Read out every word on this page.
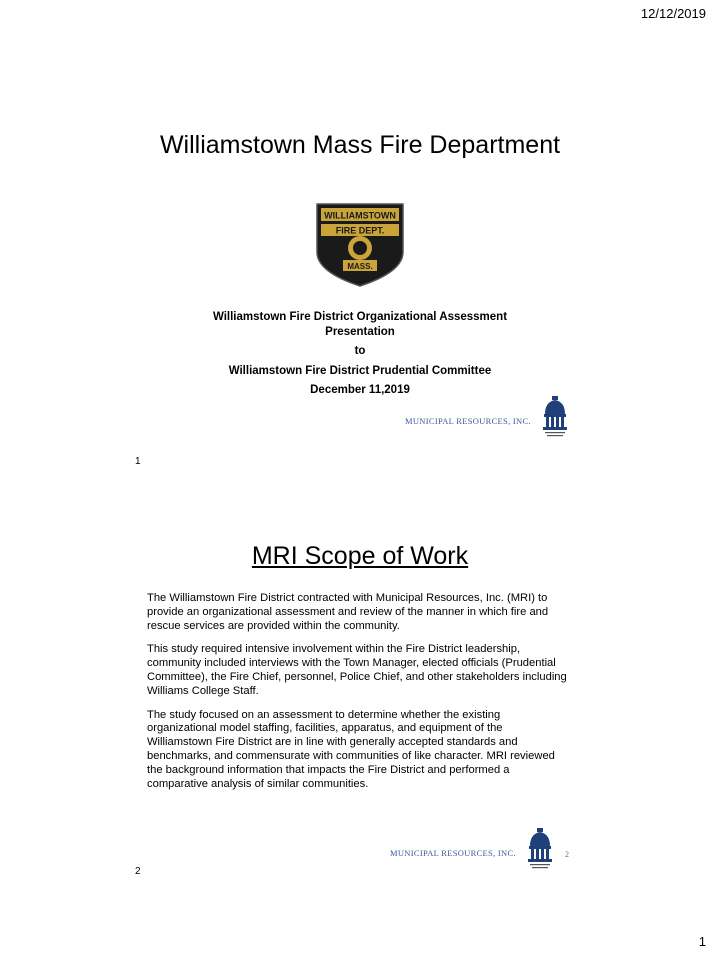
12/12/2019
Williamstown Mass Fire Department
WILLIAMSTOWN
FIRE DEPT.
MASS.
Williamstown Fire District Organizational Assessment
Presentation
to
Williamstown Fire District Prudential Committee
December 11,2019
MUNICIPAL RESOURCES, INC.
1
MRI Scope of Work

The Williamstown Fire District contracted with Municipal Resources, Inc. (MRI) to provide an organizational assessment and review of the manner in which fire and rescue services are provided within the community.

This study required intensive involvement within the Fire District leadership, community included interviews with the Town Manager, elected officials (Prudential Committee), the Fire Chief, personnel, Police Chief, and other stakeholders including Williams College Staff.

The study focused on an assessment to determine whether the existing organizational model staffing, facilities, apparatus, and equipment of the Williamstown Fire District are in line with generally accepted standards and benchmarks, and commensurate with communities of like character. MRI reviewed the background information that impacts the Fire District and performed a comparative analysis of similar communities.

MUNICIPAL RESOURCES, INC.	2
2
1
